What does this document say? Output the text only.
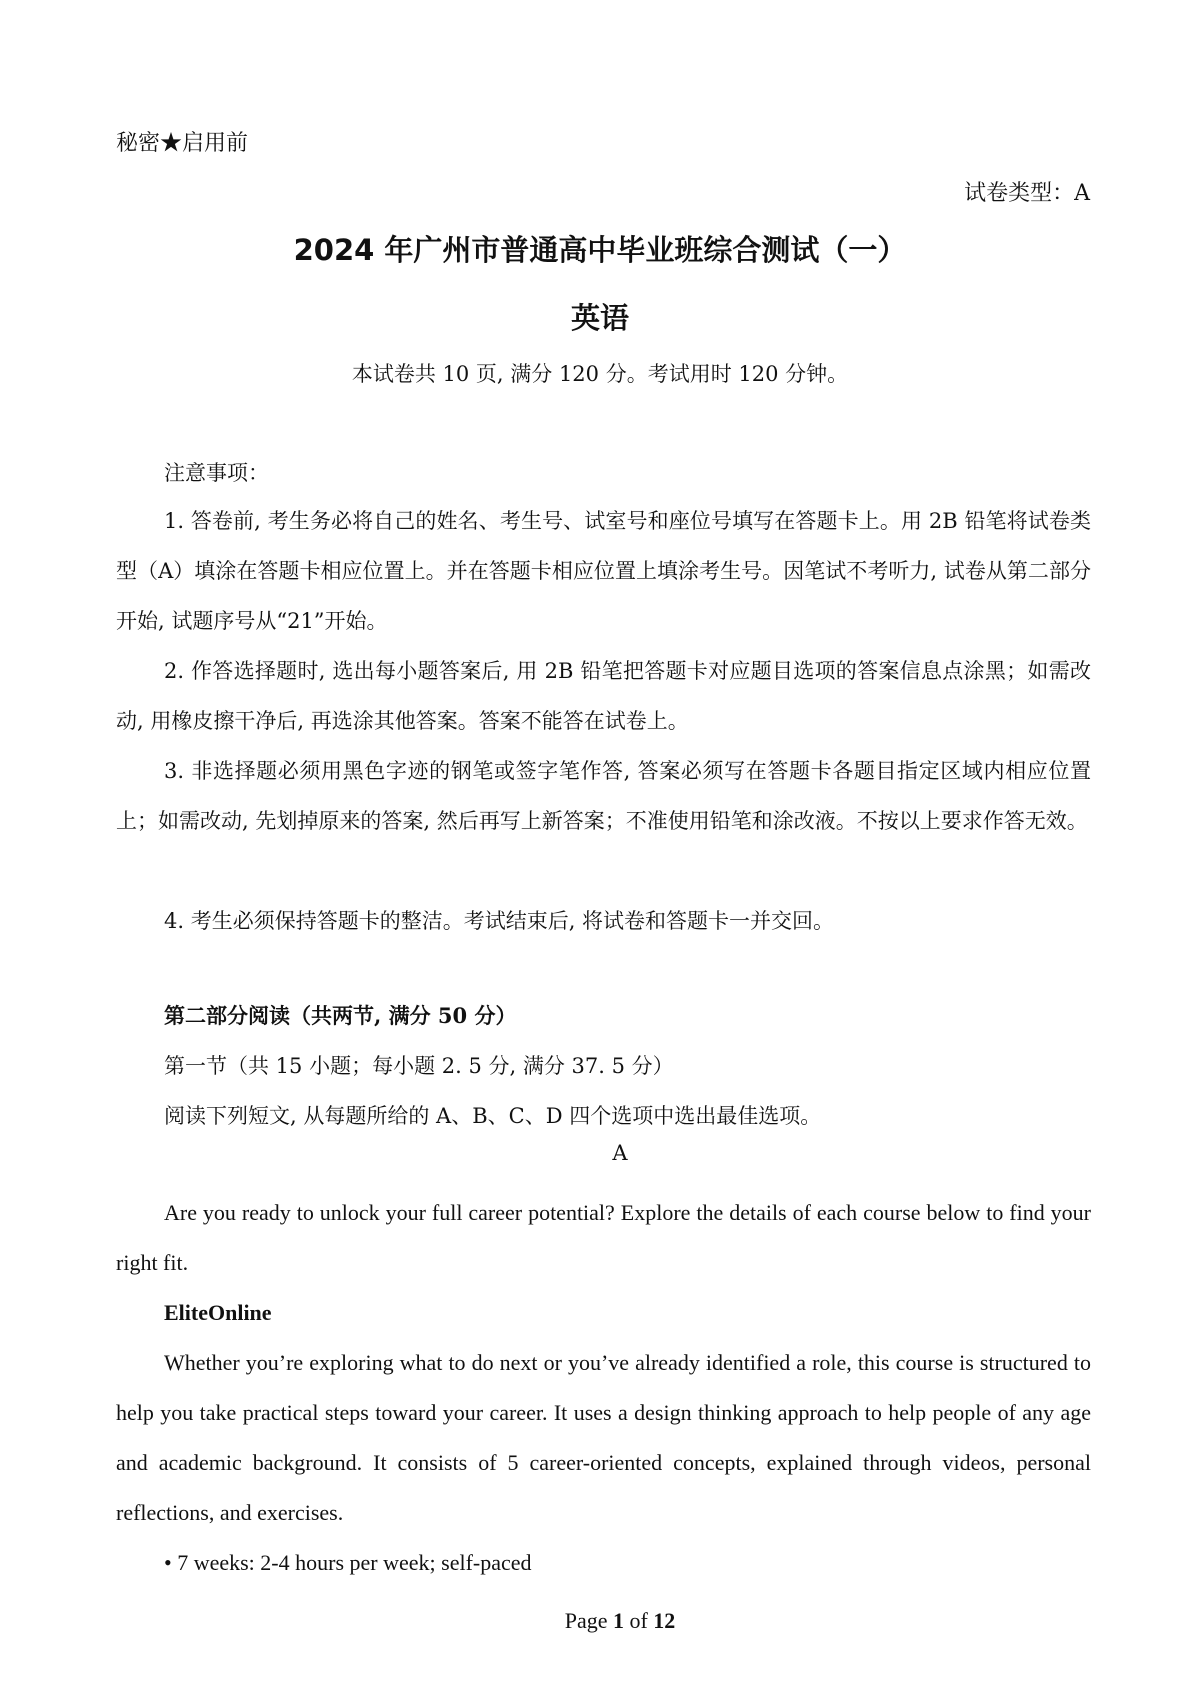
秘密★启用前
试卷类型：A
2024 年广州市普通高中毕业班综合测试（一）
英语
本试卷共 10 页, 满分 120 分。考试用时 120 分钟。
注意事项：
1. 答卷前, 考生务必将自己的姓名、考生号、试室号和座位号填写在答题卡上。用 2B 铅笔将试卷类型（A）填涂在答题卡相应位置上。并在答题卡相应位置上填涂考生号。因笔试不考听力, 试卷从第二部分开始, 试题序号从“21”开始。
2. 作答选择题时, 选出每小题答案后, 用 2B 铅笔把答题卡对应题目选项的答案信息点涂黑；如需改动, 用橡皮擦干净后, 再选涂其他答案。答案不能答在试卷上。
3. 非选择题必须用黑色字迹的钢笔或签字笔作答, 答案必须写在答题卡各题目指定区域内相应位置上；如需改动, 先划掉原来的答案, 然后再写上新答案；不准使用铅笔和涂改液。不按以上要求作答无效。
4. 考生必须保持答题卡的整洁。考试结束后, 将试卷和答题卡一并交回。
第二部分阅读（共两节, 满分 50 分）
第一节（共 15 小题；每小题 2. 5 分, 满分 37. 5 分）
阅读下列短文, 从每题所给的 A、B、C、D 四个选项中选出最佳选项。
A
Are you ready to unlock your full career potential? Explore the details of each course below to find your right fit.
EliteOnline
Whether you’re exploring what to do next or you’ve already identified a role, this course is structured to help you take practical steps toward your career. It uses a design thinking approach to help people of any age and academic background. It consists of 5 career-oriented concepts, explained through videos, personal reflections, and exercises.
• 7 weeks: 2-4 hours per week; self-paced
Page 1 of 12
